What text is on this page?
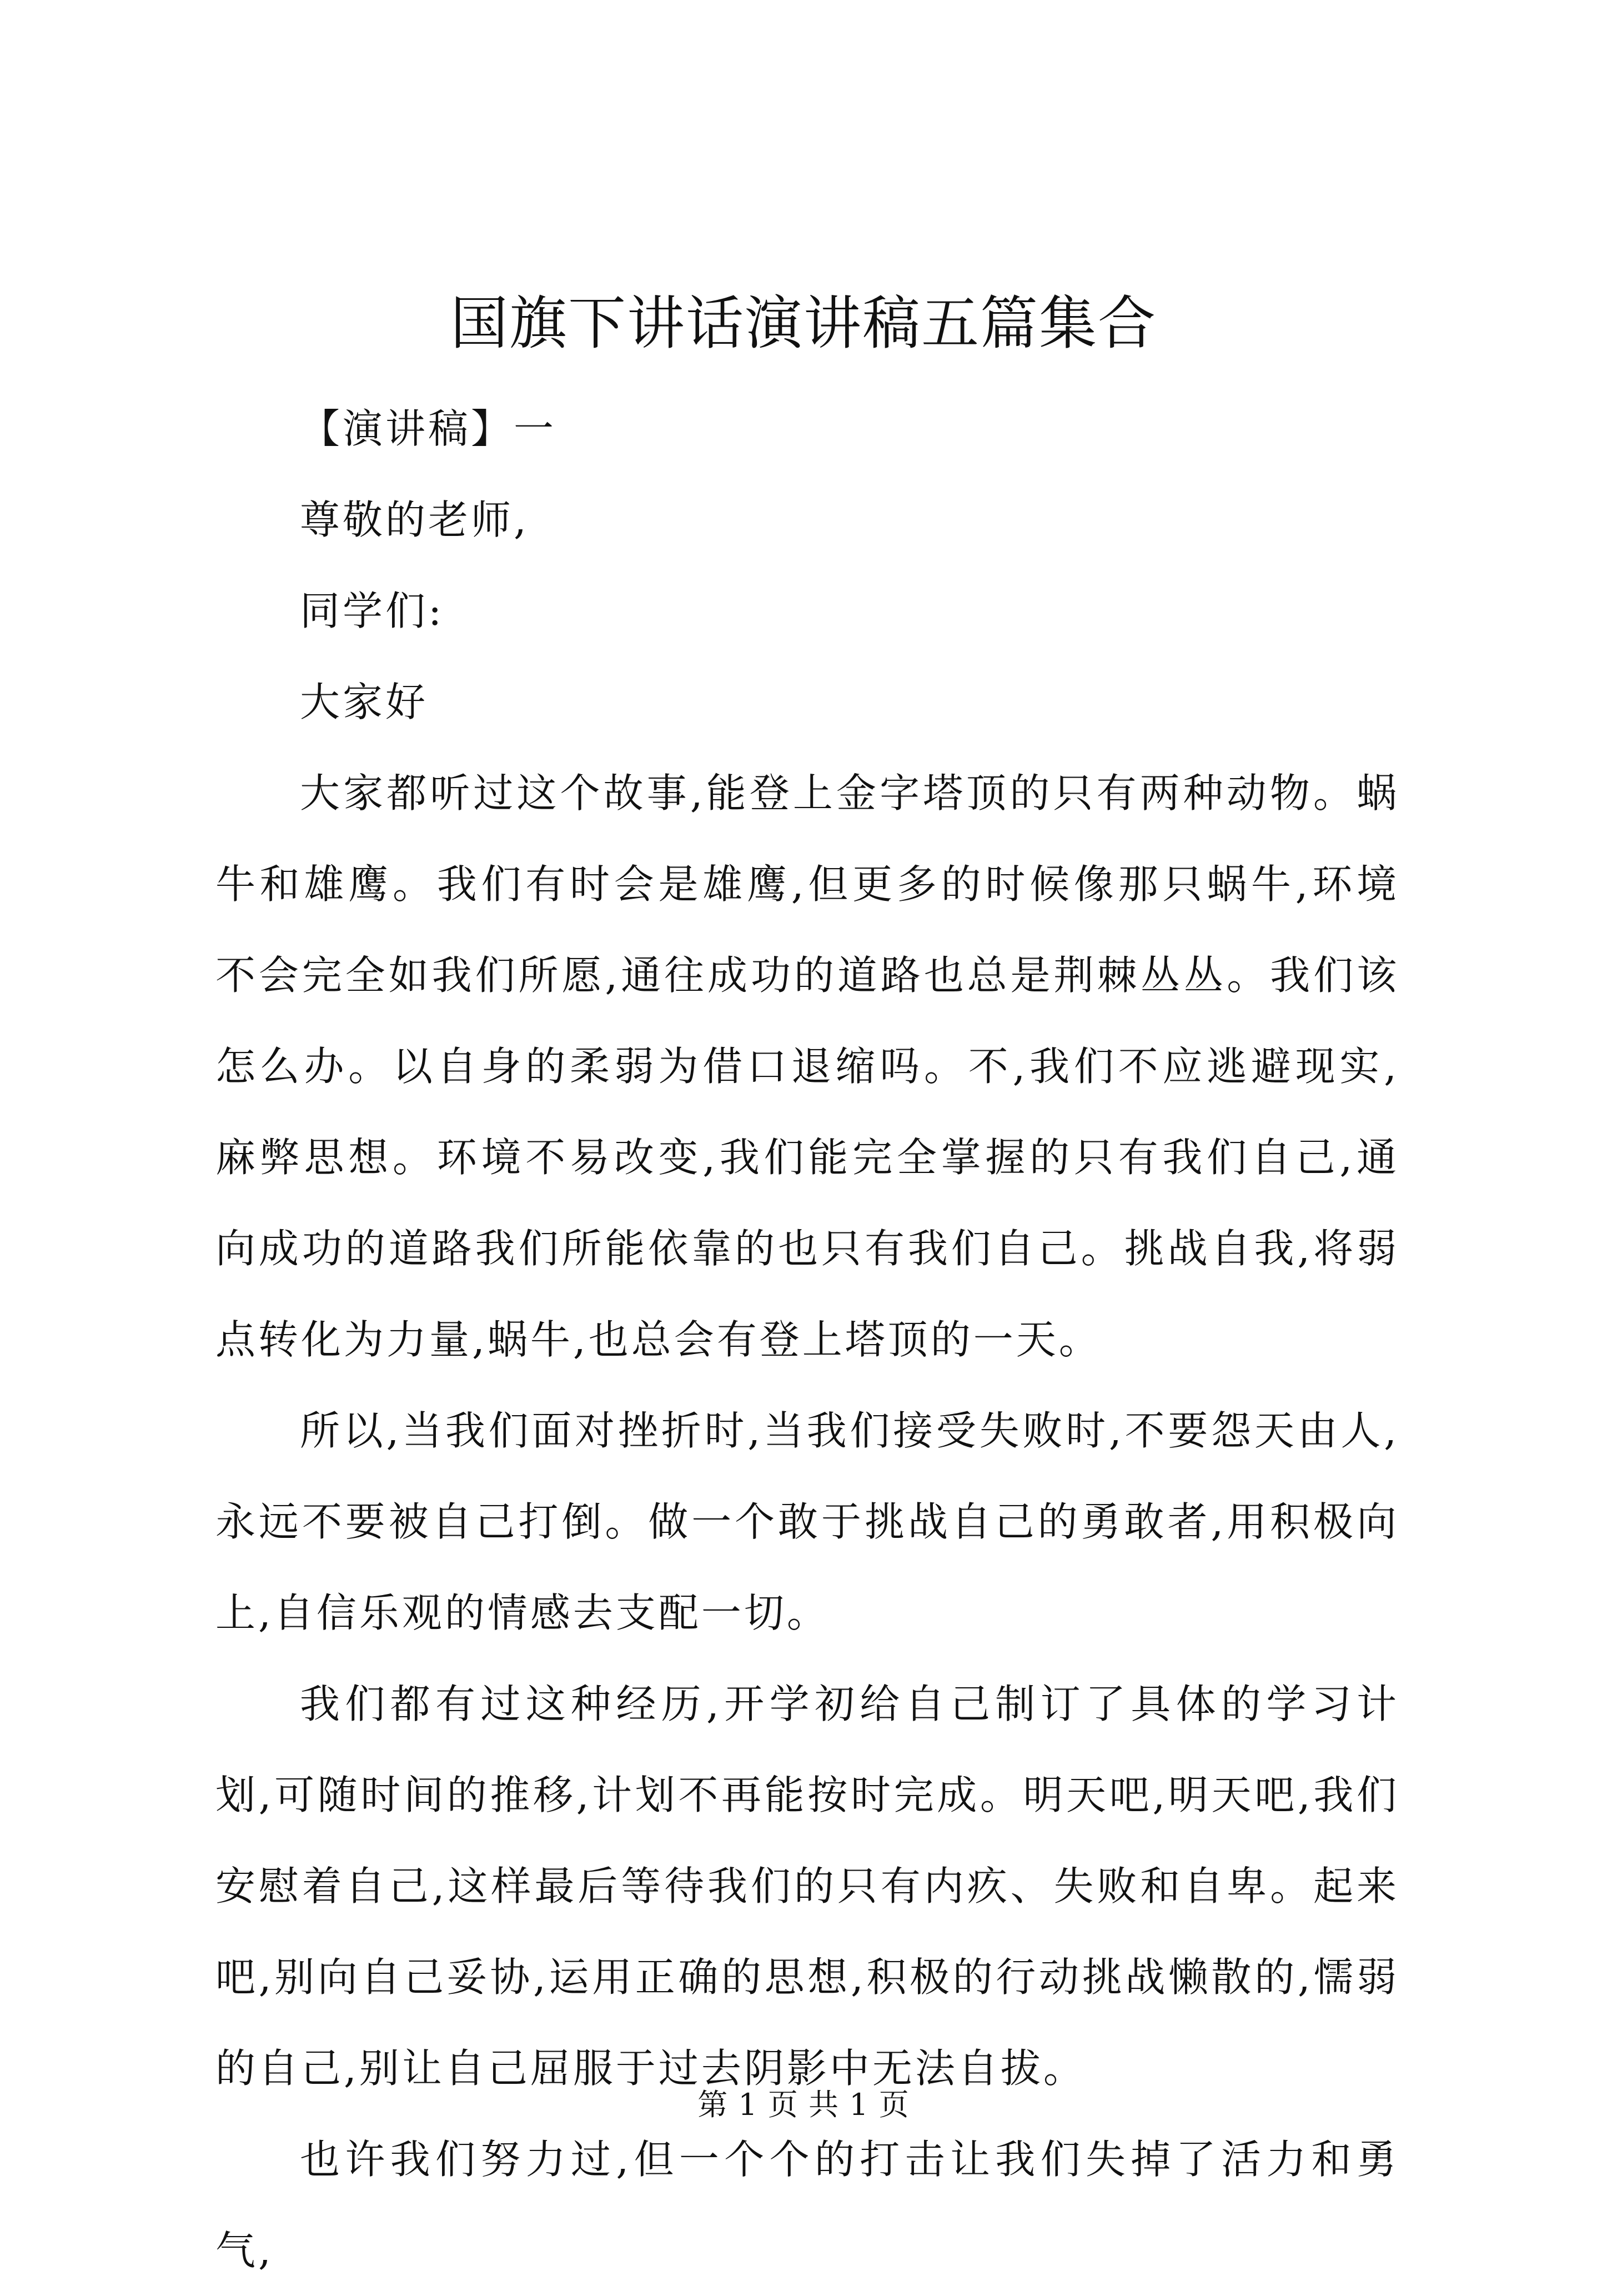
国旗下讲话演讲稿五篇集合

【演讲稿】一

尊敬的老师,

同学们:

大家好

大家都听过这个故事,能登上金字塔顶的只有两种动物。蜗牛和雄鹰。我们有时会是雄鹰,但更多的时候像那只蜗牛,环境不会完全如我们所愿,通往成功的道路也总是荆棘丛丛。我们该怎么办。以自身的柔弱为借口退缩吗。不,我们不应逃避现实,麻弊思想。环境不易改变,我们能完全掌握的只有我们自己,通向成功的道路我们所能依靠的也只有我们自己。挑战自我,将弱点转化为力量,蜗牛,也总会有登上塔顶的一天。

所以,当我们面对挫折时,当我们接受失败时,不要怨天由人,永远不要被自己打倒。做一个敢于挑战自己的勇敢者,用积极向上,自信乐观的情感去支配一切。

我们都有过这种经历,开学初给自己制订了具体的学习计划,可随时间的推移,计划不再能按时完成。明天吧,明天吧,我们安慰着自己,这样最后等待我们的只有内疚、失败和自卑。起来吧,别向自己妥协,运用正确的思想,积极的行动挑战懒散的,懦弱的自己,别让自己屈服于过去阴影中无法自拔。

也许我们努力过,但一个个的打击让我们失掉了活力和勇气,

第 1 页 共 1 页
